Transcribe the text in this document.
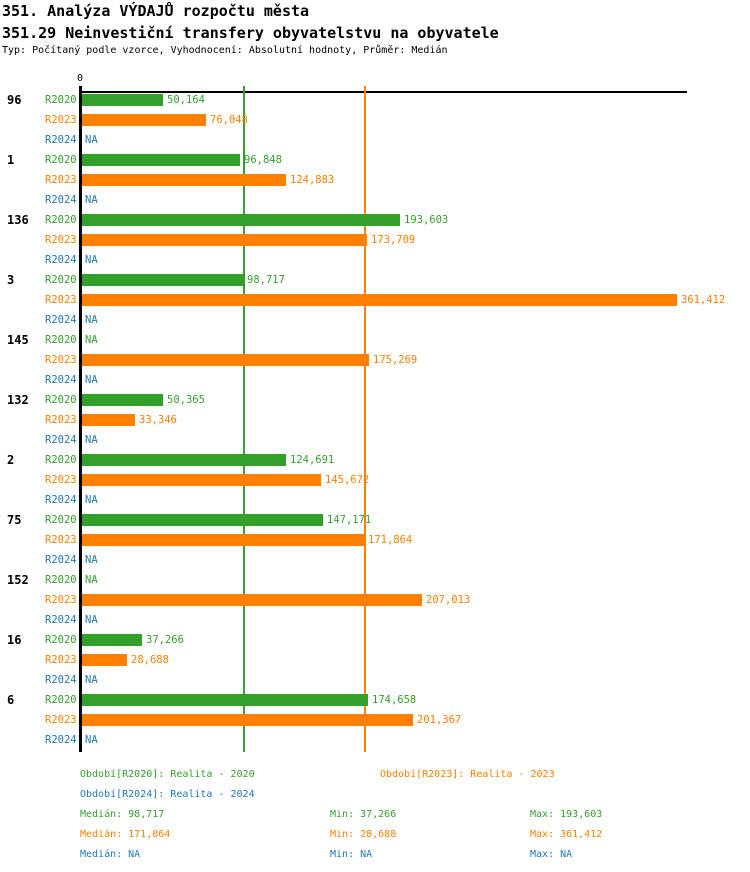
351. Analýza VÝDAJŮ rozpočtu města
351.29 Neinvestiční transfery obyvatelstvu na obyvatele
Typ: Počítaný podle vzorce, Vyhodnocení: Absolutní hodnoty, Průměr: Medián
0
96 R2020	50,164
R2023	76,048
R2024 NA
1	R2020	96,848
R2023	124,883
R2024 NA
136 R2020	193,603
R2023	173,709
R2024 NA
3	R2020	98,717
R2023	361,412
R2024 NA
145 R2020 NA
R2023	175,269
R2024 NA
132 R2020	50,365
R2023	33,346
R2024 NA
2	R2020	124,691
R2023	145,672
R2024 NA
75 R2020	147,171
R2023	171,864
R2024 NA
152 R2020 NA
R2023	207,013
R2024 NA
16 R2020	37,266
R2023	28,688
R2024 NA
6	R2020	174,658
R2023	201,367
R2024 NA
Období[R2020]: Realita - 2020	Období[R2023]: Realita - 2023
Období[R2024]: Realita - 2024
Medián: 98,717	Min: 37,266	Max: 193,603
Medián: 171,864	Min: 28,688	Max: 361,412
Medián: NA	Min: NA	Max: NA
